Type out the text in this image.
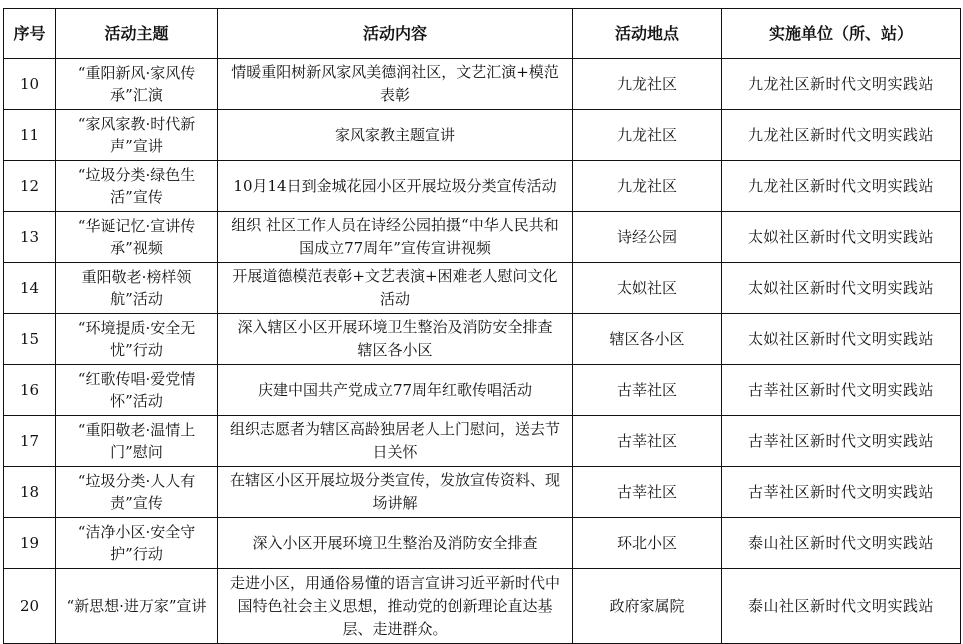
序号	活动主题	活动内容	活动地点	实施单位（所、站）
10	“重阳新风·家风传承”汇演	情暖重阳树新风家风美德润社区，文艺汇演+模范表彰	九龙社区	九龙社区新时代文明实践站
11	“家风家教·时代新声”宣讲	家风家教主题宣讲	九龙社区	九龙社区新时代文明实践站
12	“垃圾分类·绿色生活”宣传	10月14日到金城花园小区开展垃圾分类宣传活动	九龙社区	九龙社区新时代文明实践站
13	“华诞记忆·宣讲传承”视频	组织 社区工作人员在诗经公园拍摄“中华人民共和国成立77周年”宣传宣讲视频	诗经公园	太姒社区新时代文明实践站
14	重阳敬老·榜样领航”活动	开展道德模范表彰+文艺表演+困难老人慰问文化活动	太姒社区	太姒社区新时代文明实践站
15	“环境提质·安全无忧”行动	深入辖区小区开展环境卫生整治及消防安全排查 辖区各小区	辖区各小区	太姒社区新时代文明实践站
16	“红歌传唱·爱党情怀”活动	庆建中国共产党成立77周年红歌传唱活动	古莘社区	古莘社区新时代文明实践站
17	“重阳敬老·温情上门”慰问	组织志愿者为辖区高龄独居老人上门慰问，送去节日关怀	古莘社区	古莘社区新时代文明实践站
18	“垃圾分类·人人有责”宣传	在辖区小区开展垃圾分类宣传，发放宣传资料、现场讲解	古莘社区	古莘社区新时代文明实践站
19	“洁净小区·安全守护”行动	深入小区开展环境卫生整治及消防安全排查	环北小区	泰山社区新时代文明实践站
20	“新思想·进万家”宣讲	走进小区，用通俗易懂的语言宣讲习近平新时代中国特色社会主义思想，推动党的创新理论直达基层、走进群众。	政府家属院	泰山社区新时代文明实践站
